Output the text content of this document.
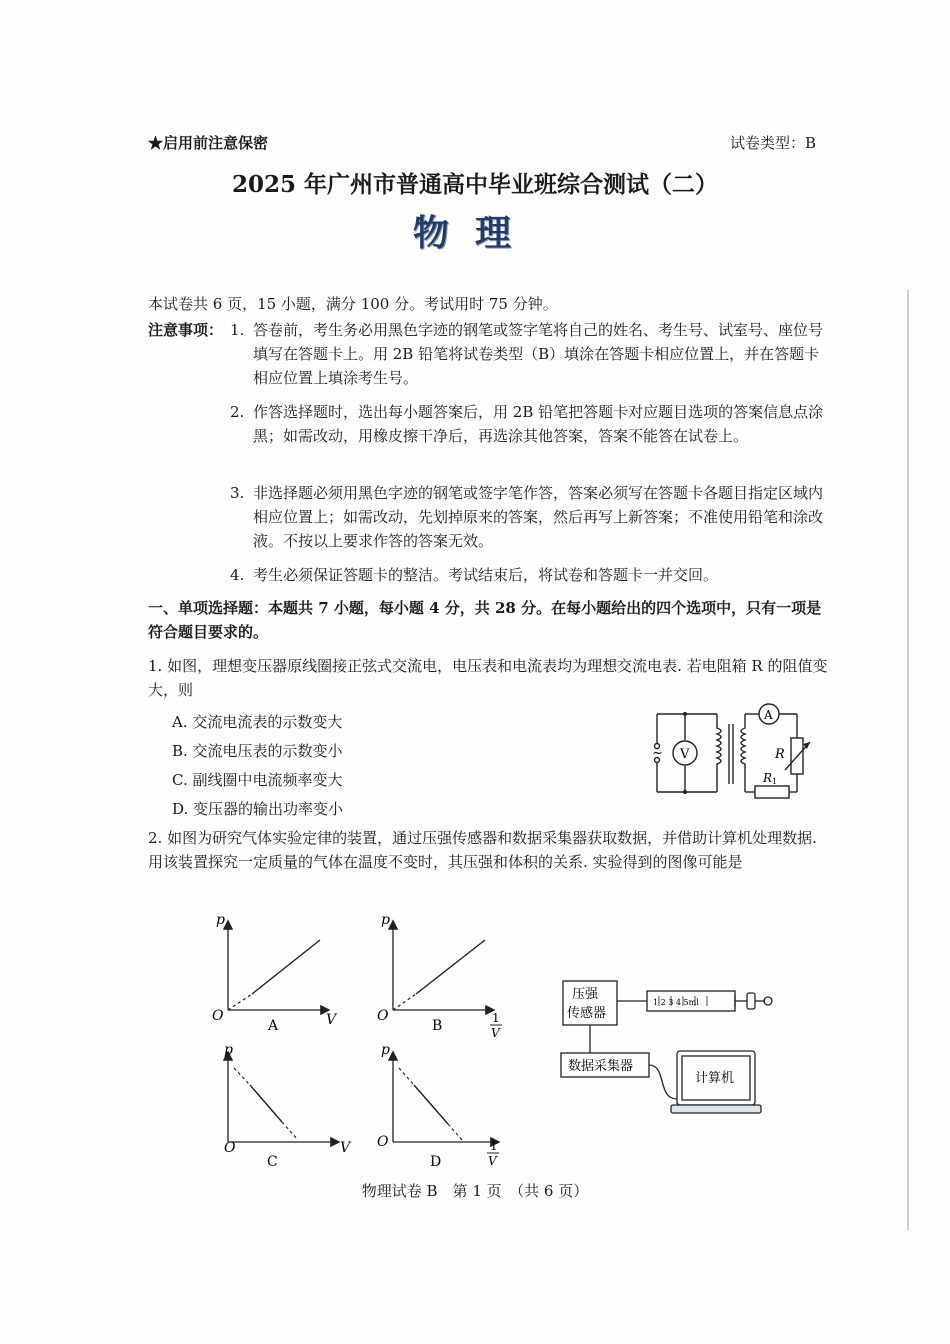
★启用前注意保密	试卷类型：B
2025 年广州市普通高中毕业班综合测试（二）
物理
本试卷共 6 页，15 小题，满分 100 分。考试用时 75 分钟。
注意事项： 1. 答卷前，考生务必用黑色字迹的钢笔或签字笔将自己的姓名、考生号、试室号、座位号填写在答题卡上。用 2B 铅笔将试卷类型（B）填涂在答题卡相应位置上，并在答题卡相应位置上填涂考生号。
2. 作答选择题时，选出每小题答案后，用 2B 铅笔把答题卡对应题目选项的答案信息点涂黑；如需改动，用橡皮擦干净后，再选涂其他答案，答案不能答在试卷上。
3. 非选择题必须用黑色字迹的钢笔或签字笔作答，答案必须写在答题卡各题目指定区域内相应位置上；如需改动，先划掉原来的答案，然后再写上新答案；不准使用铅笔和涂改液。不按以上要求作答的答案无效。
4. 考生必须保证答题卡的整洁。考试结束后，将试卷和答题卡一并交回。
一、单项选择题：本题共 7 小题，每小题 4 分，共 28 分。在每小题给出的四个选项中，只有一项是符合题目要求的。
1. 如图，理想变压器原线圈接正弦式交流电，电压表和电流表均为理想交流电表. 若电阻箱 R 的阻值变大，则
A. 交流电流表的示数变大
B. 交流电压表的示数变小
C. 副线圈中电流频率变大
D. 变压器的输出功率变小
~ V
A
R
R 1
2. 如图为研究气体实验定律的装置，通过压强传感器和数据采集器获取数据，并借助计算机处理数据. 用该装置探究一定质量的气体在温度不变时，其压强和体积的关系. 实验得到的图像可能是
p
O	V
A
p
O	1
V
B
p
O	V
C
p
O	1
V
D
压强
传感器
1 2 3 4 5ml
数据采集器
计算机
物理试卷 B　第 1 页　（共 6 页）
